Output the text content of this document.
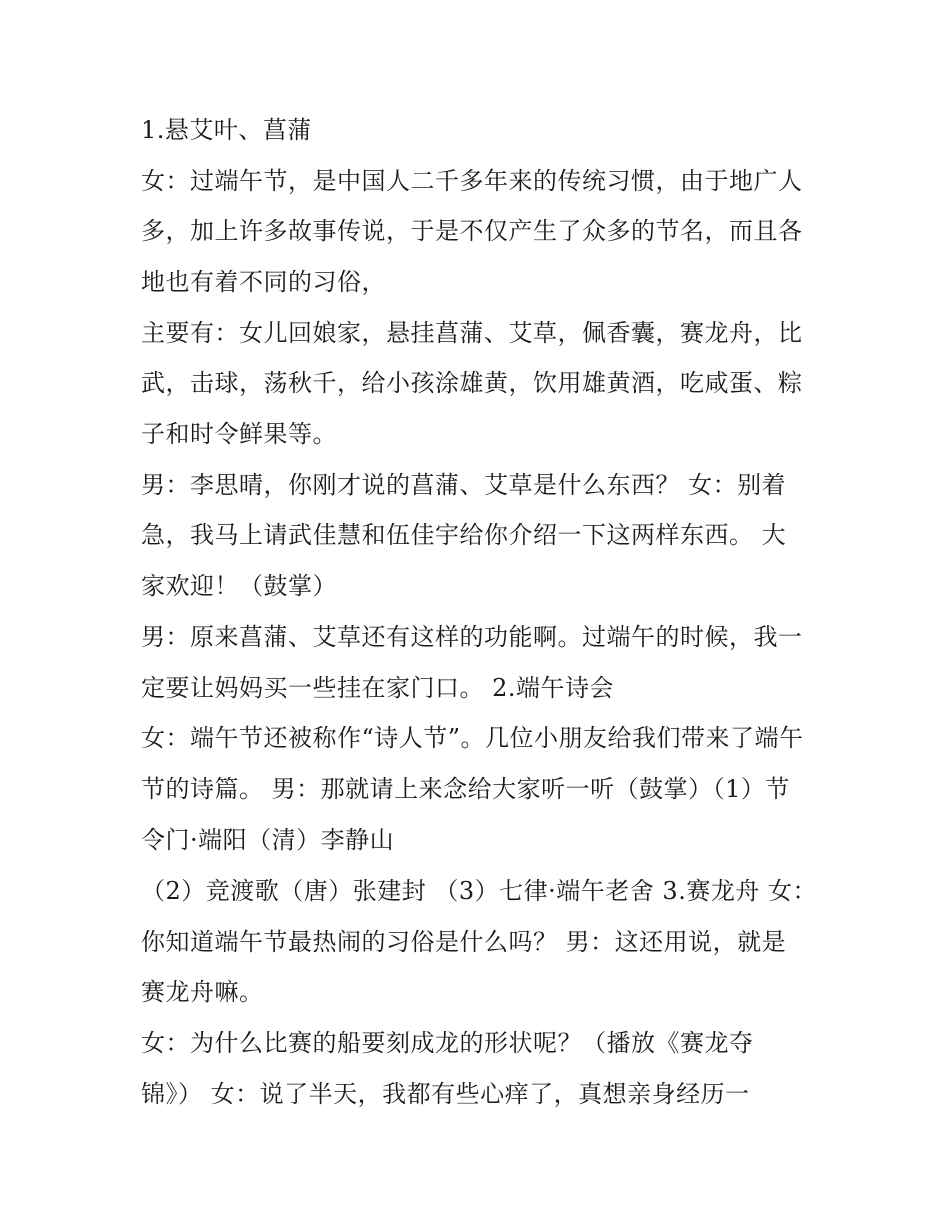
1.悬艾叶、菖蒲

女：过端午节，是中国人二千多年来的传统习惯，由于地广人

多，加上许多故事传说，于是不仅产生了众多的节名，而且各

地也有着不同的习俗，

主要有：女儿回娘家，悬挂菖蒲、艾草，佩香囊，赛龙舟，比

武，击球，荡秋千，给小孩涂雄黄，饮用雄黄酒，吃咸蛋、粽

子和时令鲜果等。

男：李思晴，你刚才说的菖蒲、艾草是什么东西？ 女：别着

急，我马上请武佳慧和伍佳宇给你介绍一下这两样东西。 大

家欢迎！（鼓掌）

男：原来菖蒲、艾草还有这样的功能啊。过端午的时候，我一

定要让妈妈买一些挂在家门口。 2.端午诗会

女：端午节还被称作“诗人节”。几位小朋友给我们带来了端午

节的诗篇。 男：那就请上来念给大家听一听（鼓掌）（1）节

令门·端阳（清）李静山

（2）竞渡歌（唐）张建封 （3）七律·端午老舍 3.赛龙舟 女：

你知道端午节最热闹的习俗是什么吗？ 男：这还用说，就是

赛龙舟嘛。

女：为什么比赛的船要刻成龙的形状呢？（播放《赛龙夺

锦》） 女：说了半天，我都有些心痒了，真想亲身经历一
